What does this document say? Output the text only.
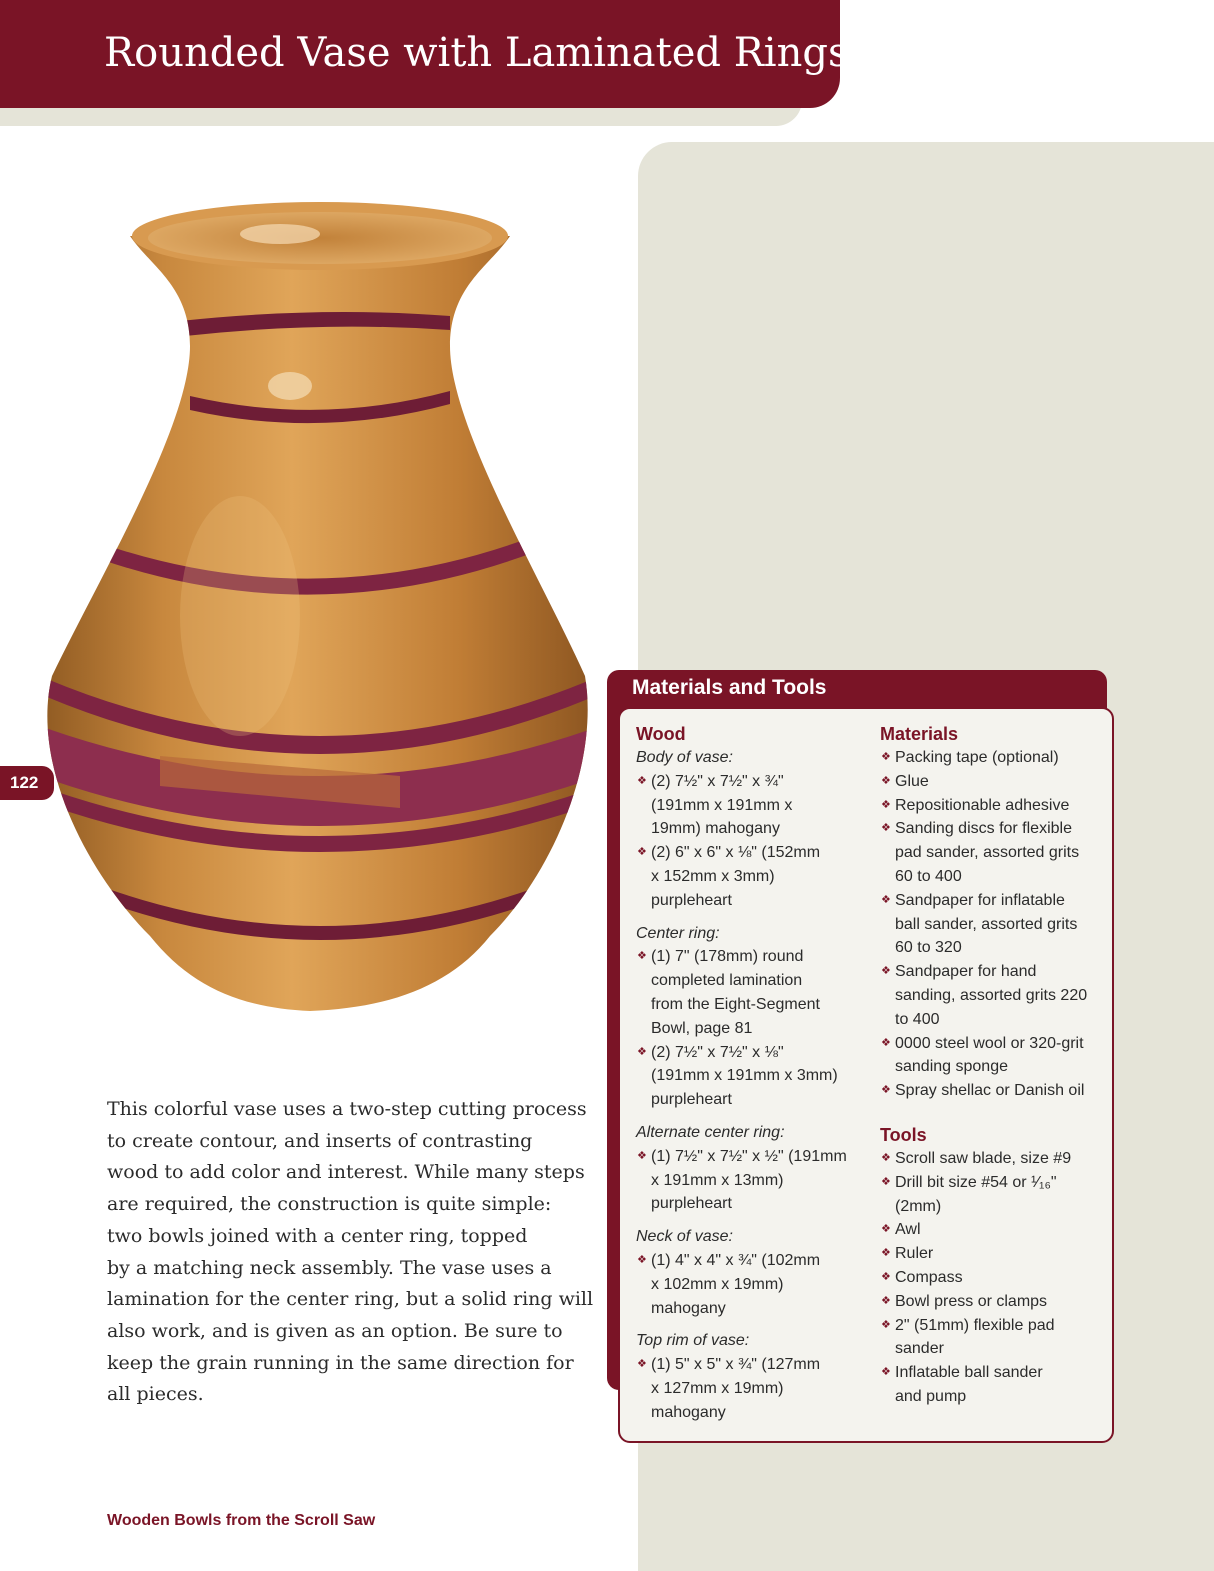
Rounded Vase with Laminated Rings
122
This colorful vase uses a two-step cutting process
to create contour, and inserts of contrasting
wood to add color and interest. While many steps
are required, the construction is quite simple:
two bowls joined with a center ring, topped
by a matching neck assembly. The vase uses a
lamination for the center ring, but a solid ring will
also work, and is given as an option. Be sure to
keep the grain running in the same direction for
all pieces.
Wooden Bowls from the Scroll Saw
Materials and Tools
Wood
Body of vase:
❖ (2) 7½" x 7½" x ¾"
(191mm x 191mm x
19mm) mahogany
❖ (2) 6" x 6" x ⅛" (152mm
x 152mm x 3mm)
purpleheart
Center ring:
❖ (1) 7" (178mm) round
completed lamination
from the Eight-Segment
Bowl, page 81
❖ (2) 7½" x 7½" x ⅛"
(191mm x 191mm x 3mm)
purpleheart
Alternate center ring:
❖ (1) 7½" x 7½" x ½" (191mm
x 191mm x 13mm)
purpleheart
Neck of vase:
❖ (1) 4" x 4" x ¾" (102mm
x 102mm x 19mm)
mahogany
Top rim of vase:
❖ (1) 5" x 5" x ¾" (127mm
x 127mm x 19mm)
mahogany
Materials
❖ Packing tape (optional)
❖ Glue
❖ Repositionable adhesive
❖ Sanding discs for flexible
pad sander, assorted grits
60 to 400
❖ Sandpaper for inflatable
ball sander, assorted grits
60 to 320
❖ Sandpaper for hand
sanding, assorted grits 220
to 400
❖ 0000 steel wool or 320-grit
sanding sponge
❖ Spray shellac or Danish oil
Tools
❖ Scroll saw blade, size #9
❖ Drill bit size #54 or ¹⁄₁₆"
(2mm)
❖ Awl
❖ Ruler
❖ Compass
❖ Bowl press or clamps
❖ 2" (51mm) flexible pad
sander
❖ Inflatable ball sander
and pump
